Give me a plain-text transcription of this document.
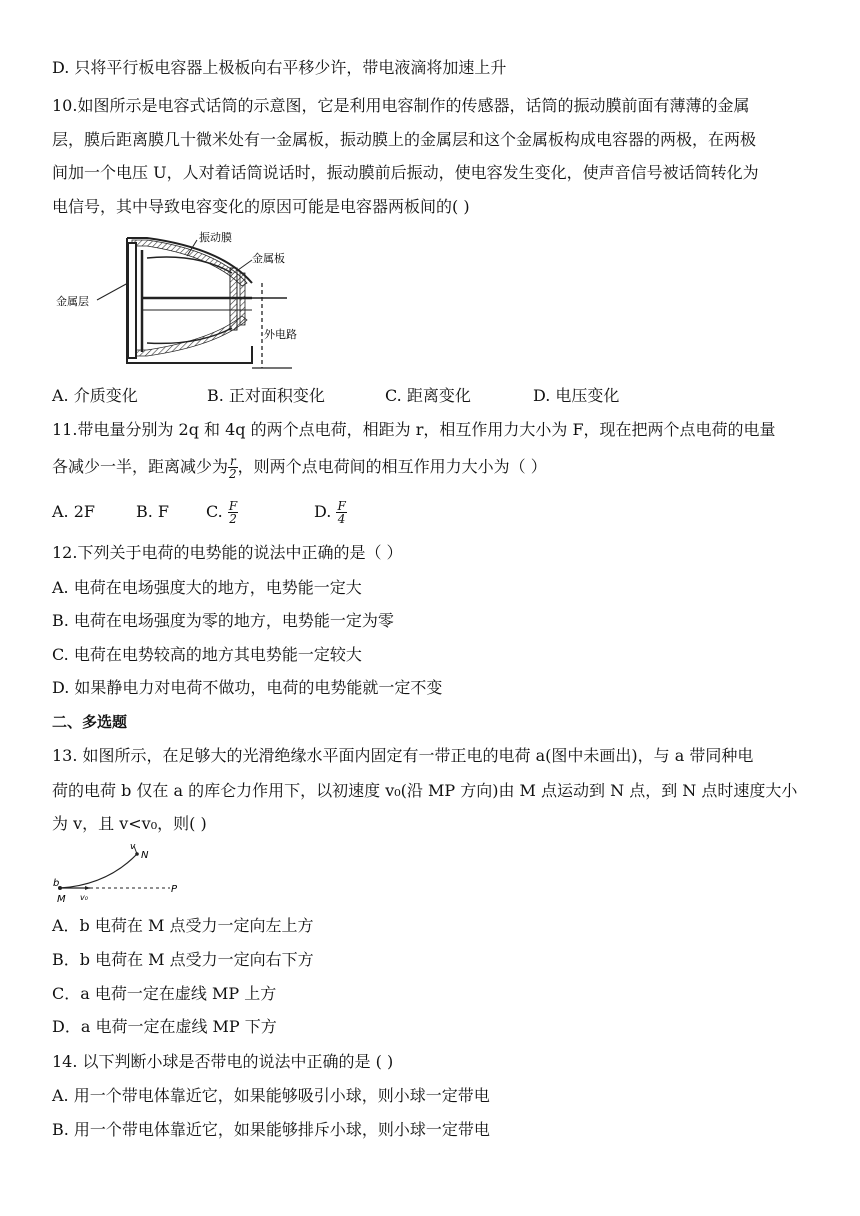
D. 只将平行板电容器上极板向右平移少许，带电液滴将加速上升
10.如图所示是电容式话筒的示意图，它是利用电容制作的传感器，话筒的振动膜前面有薄薄的金属
层，膜后距离膜几十微米处有一金属板，振动膜上的金属层和这个金属板构成电容器的两极，在两极
间加一个电压 U，人对着话筒说话时，振动膜前后振动，使电容发生变化，使声音信号被话筒转化为
电信号，其中导致电容变化的原因可能是电容器两板间的( )
振动膜
金属板
金属层
外电路
A. 介质变化	B. 正对面积变化	C. 距离变化	D. 电压变化
11.带电量分别为 2q 和 4q 的两个点电荷，相距为 r，相互作用力大小为 F，现在把两个点电荷的电量
各减少一半，距离减少为 $\frac{r}{2}$ ，则两个点电荷间的相互作用力大小为（ ）
A. 2F	B. F C. $\frac{F}{2}$	D. $\frac{F}{4}$
12.下列关于电荷的电势能的说法中正确的是（ ）
A. 电荷在电场强度大的地方，电势能一定大
B. 电荷在电场强度为零的地方，电势能一定为零
C. 电荷在电势较高的地方其电势能一定较大
D. 如果静电力对电荷不做功，电荷的电势能就一定不变
二、多选题
13. 如图所示，在足够大的光滑绝缘水平面内固定有一带正电的电荷 a(图中未画出)，与 a 带同种电
荷的电荷 b 仅在 a 的库仑力作用下，以初速度 v₀(沿 MP 方向)由 M 点运动到 N 点，到 N 点时速度大小
为 v，且 v<v₀，则( )
v
N
b
M v₀
P
A．b 电荷在 M 点受力一定向左上方
B．b 电荷在 M 点受力一定向右下方
C．a 电荷一定在虚线 MP 上方
D．a 电荷一定在虚线 MP 下方
14. 以下判断小球是否带电的说法中正确的是 ( )
A. 用一个带电体靠近它，如果能够吸引小球，则小球一定带电
B. 用一个带电体靠近它，如果能够排斥小球，则小球一定带电
